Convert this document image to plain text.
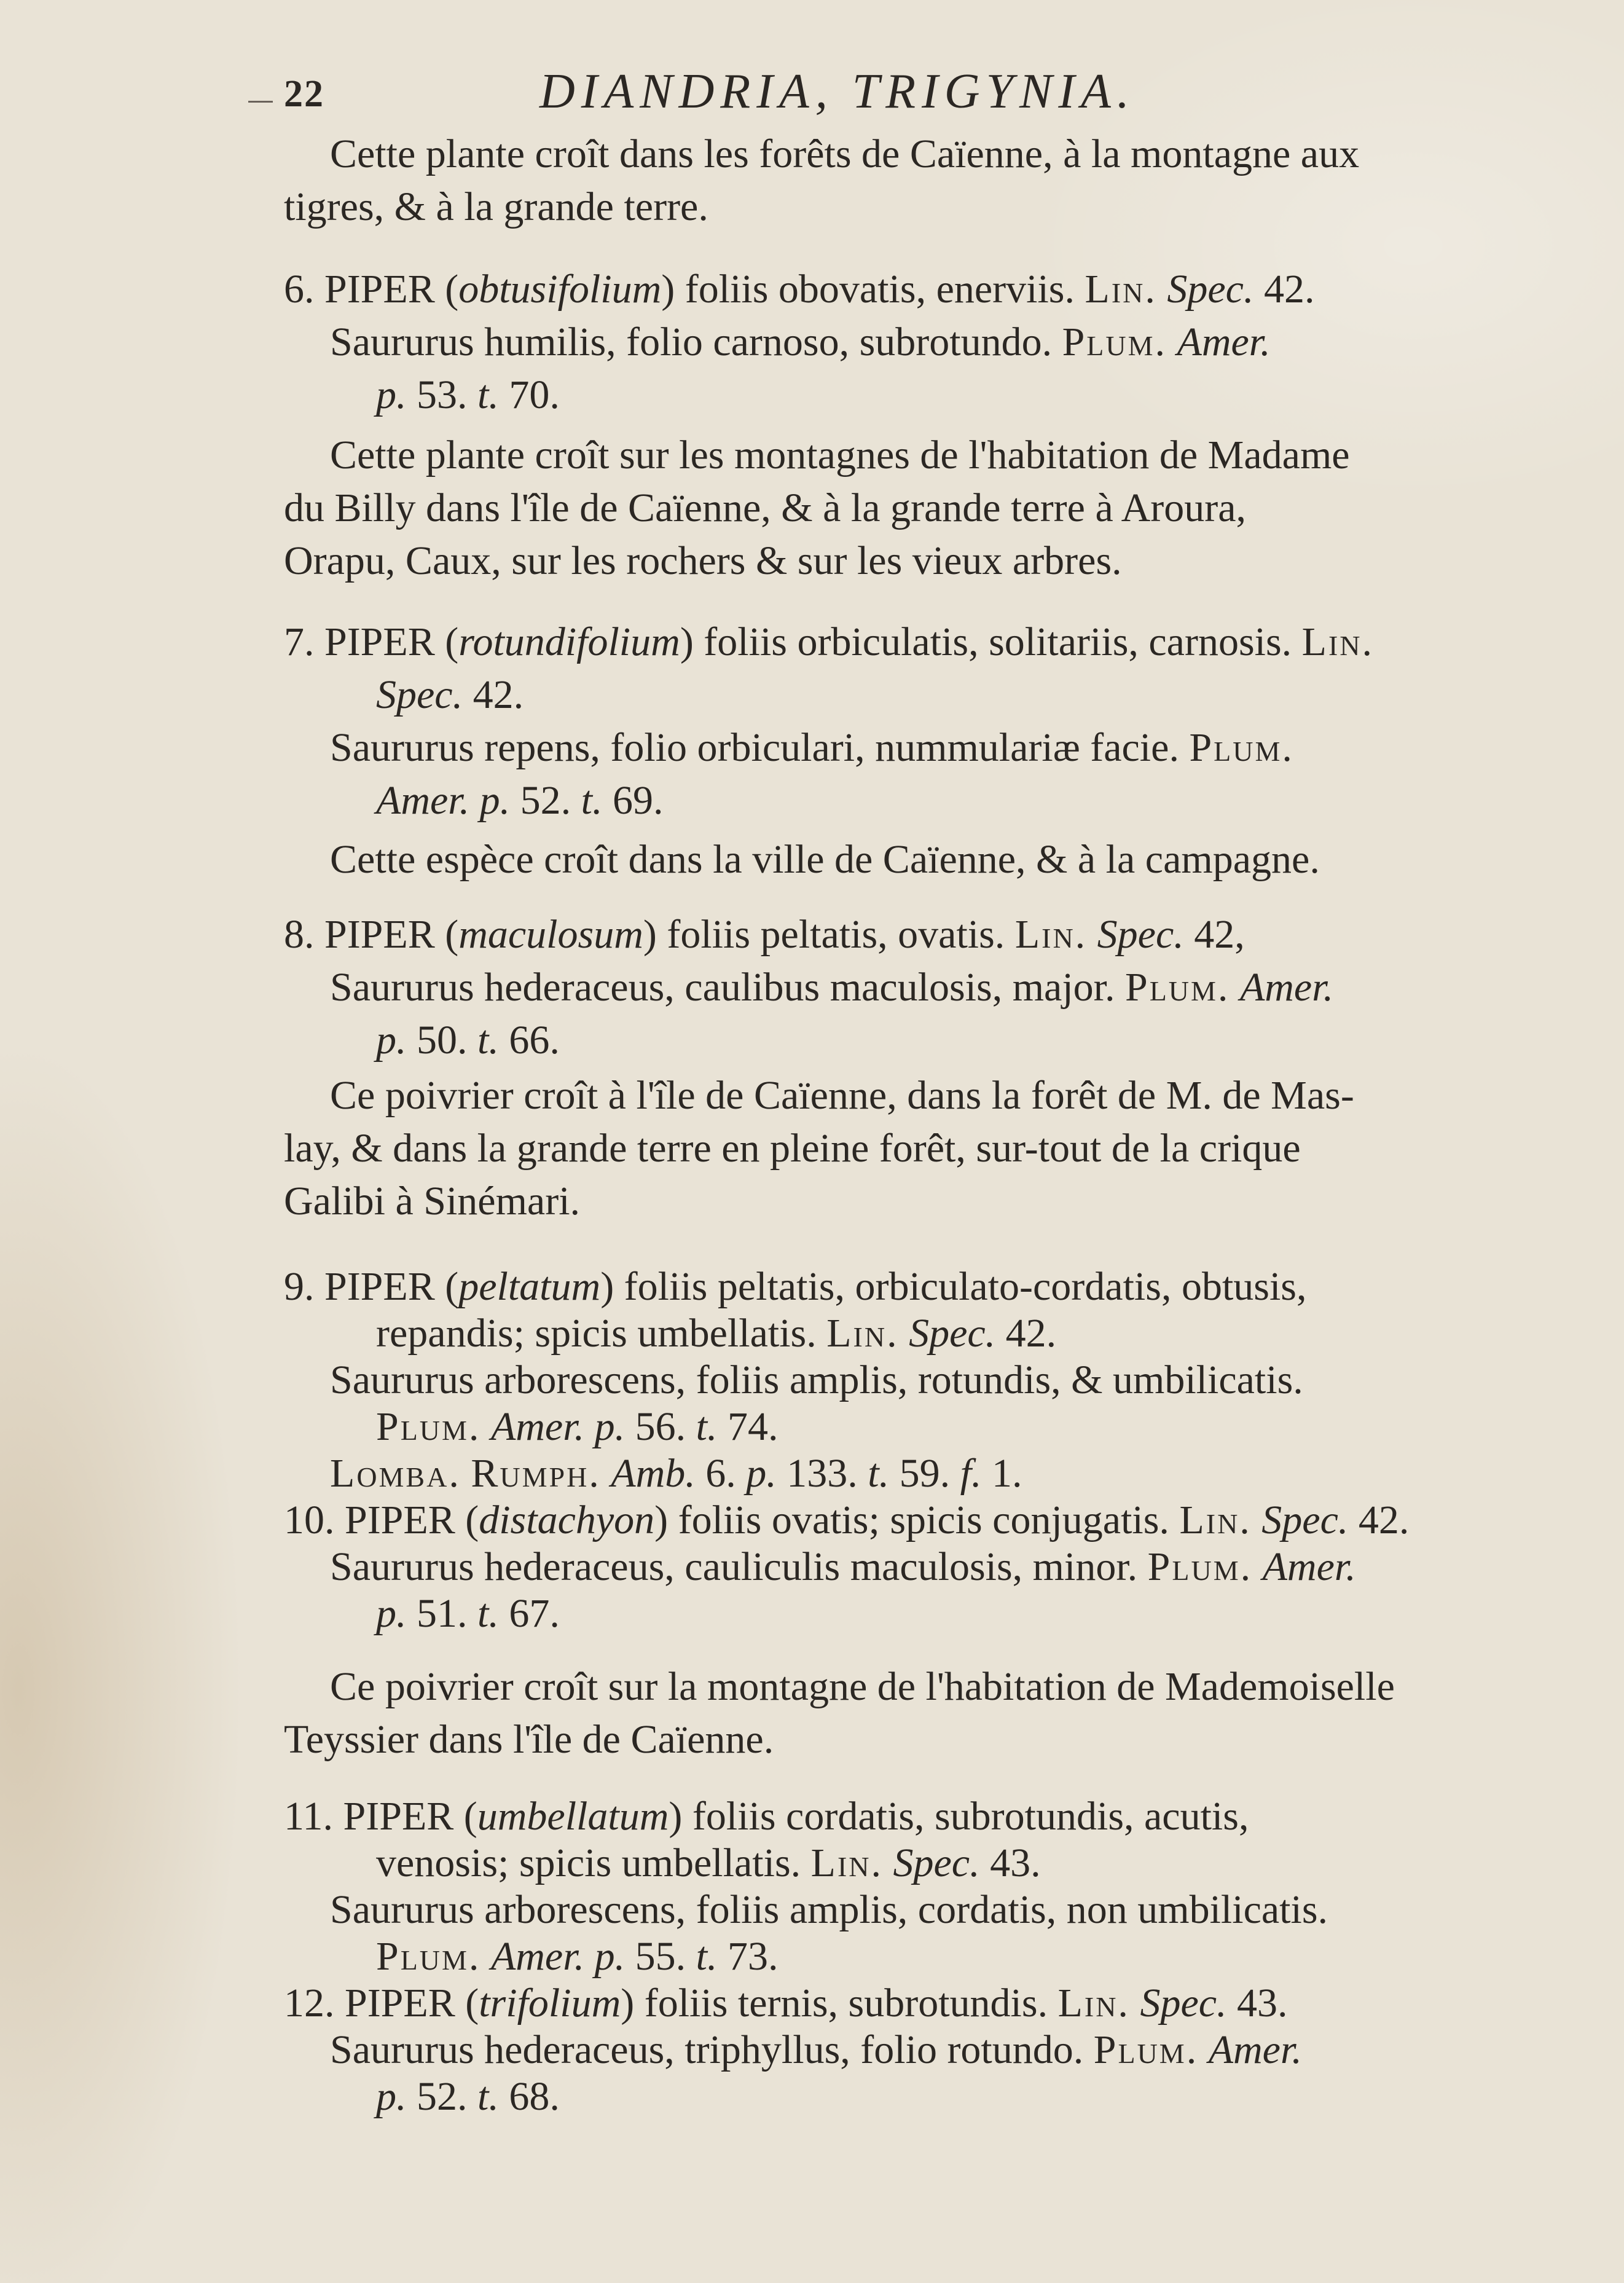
22	DIANDRIA, TRIGYNIA.
Cette plante croît dans les forêts de Caïenne, à la montagne aux
tigres, & à la grande terre.
6. PIPER (obtusifolium) foliis obovatis, enerviis. Lin. Spec. 42.
Saururus humilis, folio carnoso, subrotundo. Plum. Amer.
p. 53. t. 70.
Cette plante croît sur les montagnes de l'habitation de Madame
du Billy dans l'île de Caïenne, & à la grande terre à Aroura,
Orapu, Caux, sur les rochers & sur les vieux arbres.
7. PIPER (rotundifolium) foliis orbiculatis, solitariis, carnosis. Lin.
Spec. 42.
Saururus repens, folio orbiculari, nummulariæ facie. Plum.
Amer. p. 52. t. 69.
Cette espèce croît dans la ville de Caïenne, & à la campagne.
8. PIPER (maculosum) foliis peltatis, ovatis. Lin. Spec. 42,
Saururus hederaceus, caulibus maculosis, major. Plum. Amer.
p. 50. t. 66.
Ce poivrier croît à l'île de Caïenne, dans la forêt de M. de Mas-
lay, & dans la grande terre en pleine forêt, sur-tout de la crique
Galibi à Sinémari.
9. PIPER (peltatum) foliis peltatis, orbiculato-cordatis, obtusis,
repandis; spicis umbellatis. Lin. Spec. 42.
Saururus arborescens, foliis amplis, rotundis, & umbilicatis.
Plum. Amer. p. 56. t. 74.
Lomba. Rumph. Amb. 6. p. 133. t. 59. f. 1.
10. PIPER (distachyon) foliis ovatis; spicis conjugatis. Lin. Spec. 42.
Saururus hederaceus, cauliculis maculosis, minor. Plum. Amer.
p. 51. t. 67.
Ce poivrier croît sur la montagne de l'habitation de Mademoiselle
Teyssier dans l'île de Caïenne.
11. PIPER (umbellatum) foliis cordatis, subrotundis, acutis,
venosis; spicis umbellatis. Lin. Spec. 43.
Saururus arborescens, foliis amplis, cordatis, non umbilicatis.
Plum. Amer. p. 55. t. 73.
12. PIPER (trifolium) foliis ternis, subrotundis. Lin. Spec. 43.
Saururus hederaceus, triphyllus, folio rotundo. Plum. Amer.
p. 52. t. 68.
